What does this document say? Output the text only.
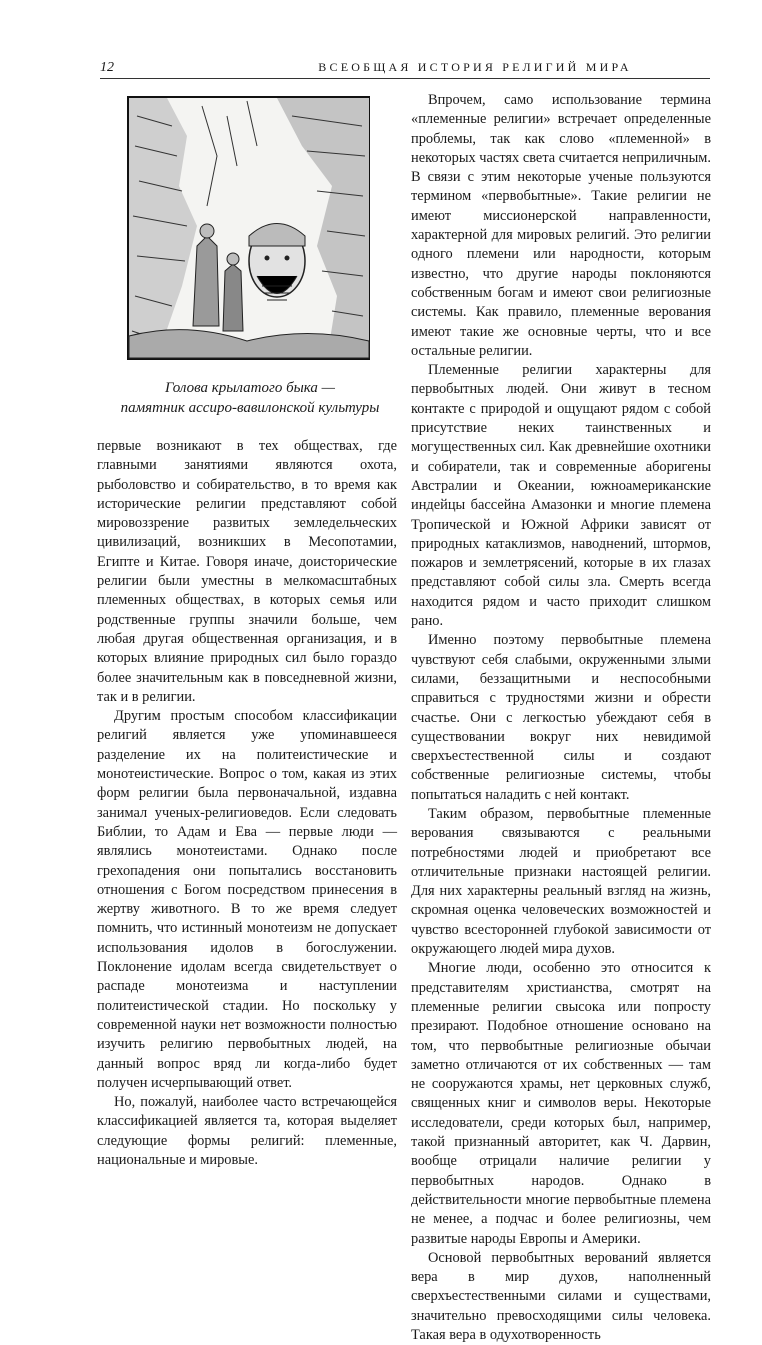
12	ВСЕОБЩАЯ ИСТОРИЯ РЕЛИГИЙ МИРА
Голова крылатого быка —
памятник ассиро-вавилонской культуры

первые возникают в тех обществах, где главными занятиями являются охота, рыболовство и собирательство, в то время как исторические религии представляют собой мировоззрение развитых земледельческих цивилизаций, возникших в Месопотамии, Египте и Китае. Говоря иначе, доисторические религии были уместны в мелкомасштабных племенных обществах, в которых семья или родственные группы значили больше, чем любая другая общественная организация, и в которых влияние природных сил было гораздо более значительным как в повседневной жизни, так и в религии.

Другим простым способом классификации религий является уже упоминавшееся разделение их на политеистические и монотеистические. Вопрос о том, какая из этих форм религии была первоначальной, издавна занимал ученых-религиоведов. Если следовать Библии, то Адам и Ева — первые люди — являлись монотеистами. Однако после грехопадения они попытались восстановить отношения с Богом посредством принесения в жертву животного. В то же время следует помнить, что истинный монотеизм не допускает использования идолов в богослужении. Поклонение идолам всегда свидетельствует о распаде монотеизма и наступлении политеистической стадии. Но поскольку у современной науки нет возможности полностью изучить религию первобытных людей, на данный вопрос вряд ли когда-либо будет получен исчерпывающий ответ.

Но, пожалуй, наиболее часто встречающейся классификацией является та, которая выделяет следующие формы религий: племенные, национальные и мировые.

Впрочем, само использование термина «племенные религии» встречает определенные проблемы, так как слово «племенной» в некоторых частях света считается неприличным. В связи с этим некоторые ученые пользуются термином «первобытные». Такие религии не имеют миссионерской направленности, характерной для мировых религий. Это религии одного племени или народности, которым известно, что другие народы поклоняются собственным богам и имеют свои религиозные системы. Как правило, племенные верования имеют такие же основные черты, что и все остальные религии.

Племенные религии характерны для первобытных людей. Они живут в тесном контакте с природой и ощущают рядом с собой присутствие неких таинственных и могущественных сил. Как древнейшие охотники и собиратели, так и современные аборигены Австралии и Океании, южноамериканские индейцы бассейна Амазонки и многие племена Тропической и Южной Африки зависят от природных катаклизмов, наводнений, штормов, пожаров и землетрясений, которые в их глазах представляют собой силы зла. Смерть всегда находится рядом и часто приходит слишком рано.

Именно поэтому первобытные племена чувствуют себя слабыми, окруженными злыми силами, беззащитными и неспособными справиться с трудностями жизни и обрести счастье. Они с легкостью убеждают себя в существовании вокруг них невидимой сверхъестественной силы и создают собственные религиозные системы, чтобы попытаться наладить с ней контакт.

Таким образом, первобытные племенные верования связываются с реальными потребностями людей и приобретают все отличительные признаки настоящей религии. Для них характерны реальный взгляд на жизнь, скромная оценка человеческих возможностей и чувство всесторонней глубокой зависимости от окружающего людей мира духов.

Многие люди, особенно это относится к представителям христианства, смотрят на племенные религии свысока или попросту презирают. Подобное отношение основано на том, что первобытные религиозные обычаи заметно отличаются от их собственных — там не сооружаются храмы, нет церковных служб, священных книг и символов веры. Некоторые исследователи, среди которых был, например, такой признанный авторитет, как Ч. Дарвин, вообще отрицали наличие религии у первобытных народов. Однако в действительности многие первобытные племена не менее, а подчас и более религиозны, чем развитые народы Европы и Америки.

Основой первобытных верований является вера в мир духов, наполненный сверхъестественными силами и существами, значительно превосходящими силы человека. Такая вера в одухотворенность
